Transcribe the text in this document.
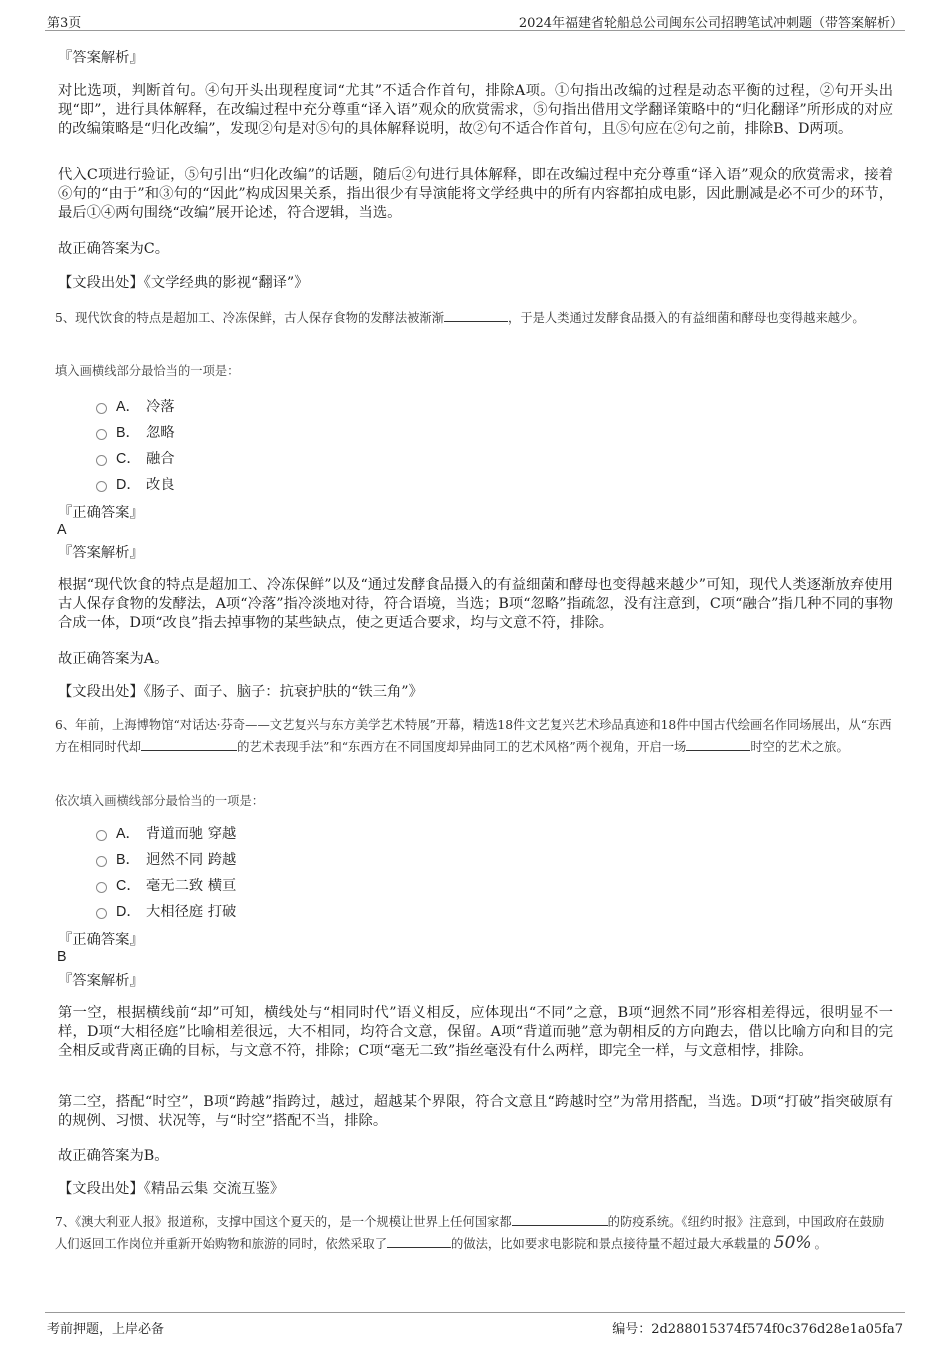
第3页	2024年福建省轮船总公司闽东公司招聘笔试冲刺题（带答案解析）
『答案解析』

对比选项，判断首句。④句开头出现程度词“尤其”不适合作首句，排除A项。①句指出改编的过程是动态平衡的过程，②句开头出现“即”，进行具体解释，在改编过程中充分尊重“译入语”观众的欣赏需求，⑤句指出借用文学翻译策略中的“归化翻译”所形成的对应的改编策略是“归化改编”，发现②句是对⑤句的具体解释说明，故②句不适合作首句，且⑤句应在②句之前，排除B、D两项。

代入C项进行验证，⑤句引出“归化改编”的话题，随后②句进行具体解释，即在改编过程中充分尊重“译入语”观众的欣赏需求，接着⑥句的“由于”和③句的“因此”构成因果关系，指出很少有导演能将文学经典中的所有内容都拍成电影，因此删减是必不可少的环节，最后①④两句围绕“改编”展开论述，符合逻辑，当选。

故正确答案为C。
【文段出处】《文学经典的影视“翻译”》

5、现代饮食的特点是超加工、冷冻保鲜，古人保存食物的发酵法被渐渐	，于是人类通过发酵食品摄入的有益细菌和酵母也变得越来越少。

填入画横线部分最恰当的一项是：
A． 冷落
B． 忽略
C． 融合
D． 改良
『正确答案』
A
『答案解析』

根据“现代饮食的特点是超加工、冷冻保鲜”以及“通过发酵食品摄入的有益细菌和酵母也变得越来越少”可知，现代人类逐渐放弃使用古人保存食物的发酵法，A项“冷落”指冷淡地对待，符合语境，当选；B项“忽略”指疏忽，没有注意到，C项“融合”指几种不同的事物合成一体，D项“改良”指去掉事物的某些缺点，使之更适合要求，均与文意不符，排除。

故正确答案为A。
【文段出处】《肠子、面子、脑子：抗衰护肤的“铁三角”》

6、年前，上海博物馆“对话达·芬奇——文艺复兴与东方美学艺术特展”开幕，精选18件文艺复兴艺术珍品真迹和18件中国古代绘画名作同场展出，从“东西方在相同时代却	的艺术表现手法”和“东西方在不同国度却异曲同工的艺术风格”两个视角，开启一场	时空的艺术之旅。

依次填入画横线部分最恰当的一项是：
A． 背道而驰 穿越
B． 迥然不同 跨越
C． 毫无二致 横亘
D． 大相径庭 打破
『正确答案』
B
『答案解析』

第一空，根据横线前“却”可知，横线处与“相同时代”语义相反，应体现出“不同”之意，B项“迥然不同”形容相差得远，很明显不一样，D项“大相径庭”比喻相差很远，大不相同，均符合文意，保留。A项“背道而驰”意为朝相反的方向跑去，借以比喻方向和目的完全相反或背离正确的目标，与文意不符，排除；C项“毫无二致”指丝毫没有什么两样，即完全一样，与文意相悖，排除。

第二空，搭配“时空”，B项“跨越”指跨过，越过，超越某个界限，符合文意且“跨越时空”为常用搭配，当选。D项“打破”指突破原有的规例、习惯、状况等，与“时空”搭配不当，排除。

故正确答案为B。
【文段出处】《精品云集 交流互鉴》

7、《澳大利亚人报》报道称，支撑中国这个夏天的，是一个规模让世界上任何国家都	的防疫系统。《纽约时报》注意到，中国政府在鼓励人们返回工作岗位并重新开始购物和旅游的同时，依然采取了	的做法，比如要求电影院和景点接待量不超过最大承载量的 50% 。

考前押题，上岸必备	编号：2d288015374f574f0c376d28e1a05fa7
